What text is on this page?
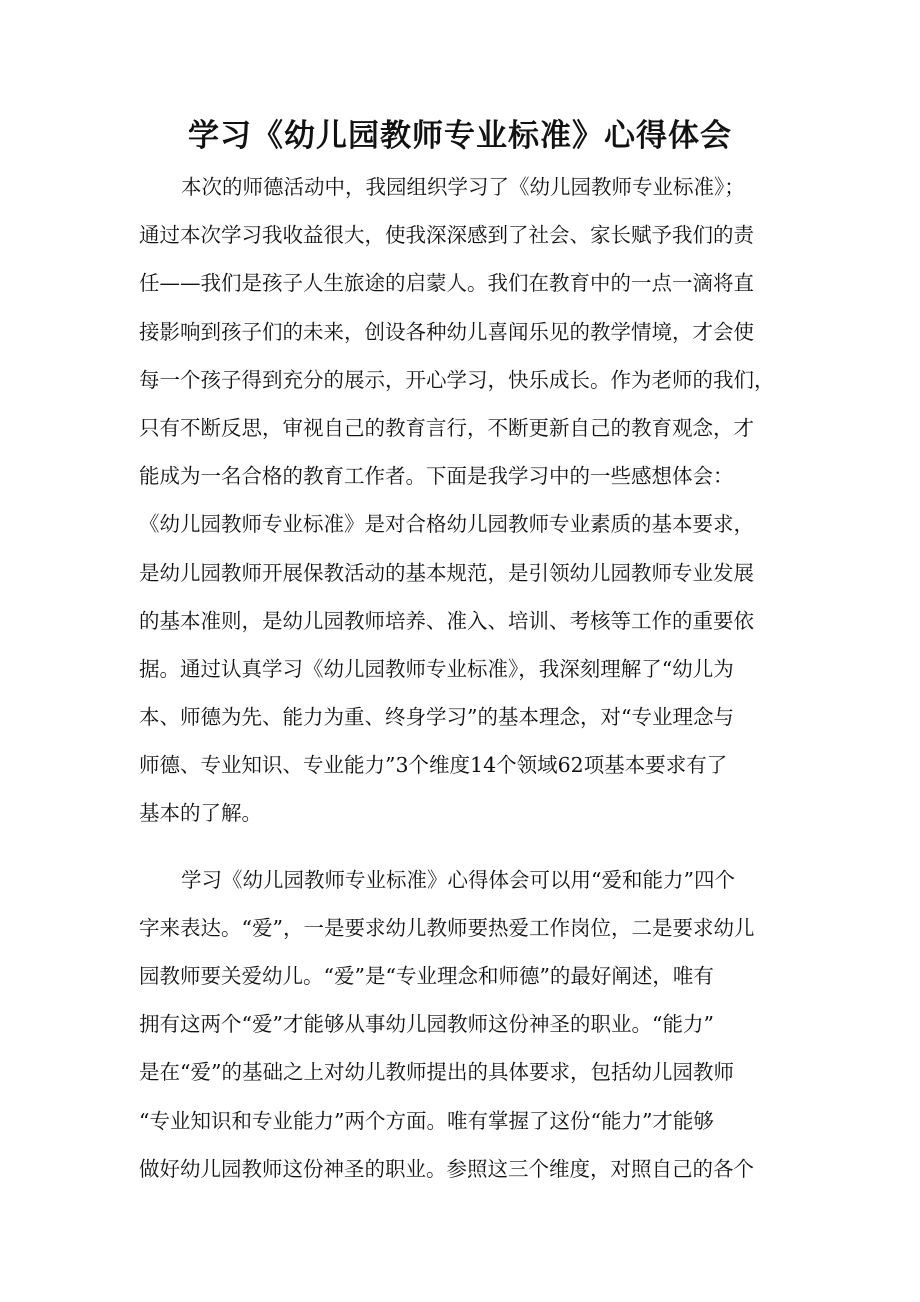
学习《幼儿园教师专业标准》心得体会
本次的师德活动中，我园组织学习了《幼儿园教师专业标准》；
通过本次学习我收益很大，使我深深感到了社会、家长赋予我们的责
任——我们是孩子人生旅途的启蒙人。我们在教育中的一点一滴将直
接影响到孩子们的未来，创设各种幼儿喜闻乐见的教学情境，才会使
每一个孩子得到充分的展示，开心学习，快乐成长。作为老师的我们，
只有不断反思，审视自己的教育言行，不断更新自己的教育观念，才
能成为一名合格的教育工作者。下面是我学习中的一些感想体会：
《幼儿园教师专业标准》是对合格幼儿园教师专业素质的基本要求，
是幼儿园教师开展保教活动的基本规范，是引领幼儿园教师专业发展
的基本准则，是幼儿园教师培养、准入、培训、考核等工作的重要依
据。通过认真学习《幼儿园教师专业标准》，我深刻理解了“幼儿为
本、师德为先、能力为重、终身学习”的基本理念，对“专业理念与
师德、专业知识、专业能力”3个维度14个领域62项基本要求有了
基本的了解。
学习《幼儿园教师专业标准》心得体会可以用“爱和能力”四个
字来表达。“爱”，一是要求幼儿教师要热爱工作岗位，二是要求幼儿
园教师要关爱幼儿。“爱”是“专业理念和师德”的最好阐述，唯有
拥有这两个“爱”才能够从事幼儿园教师这份神圣的职业。“能力”
是在“爱”的基础之上对幼儿教师提出的具体要求，包括幼儿园教师
“专业知识和专业能力”两个方面。唯有掌握了这份“能力”才能够
做好幼儿园教师这份神圣的职业。参照这三个维度，对照自己的各个
